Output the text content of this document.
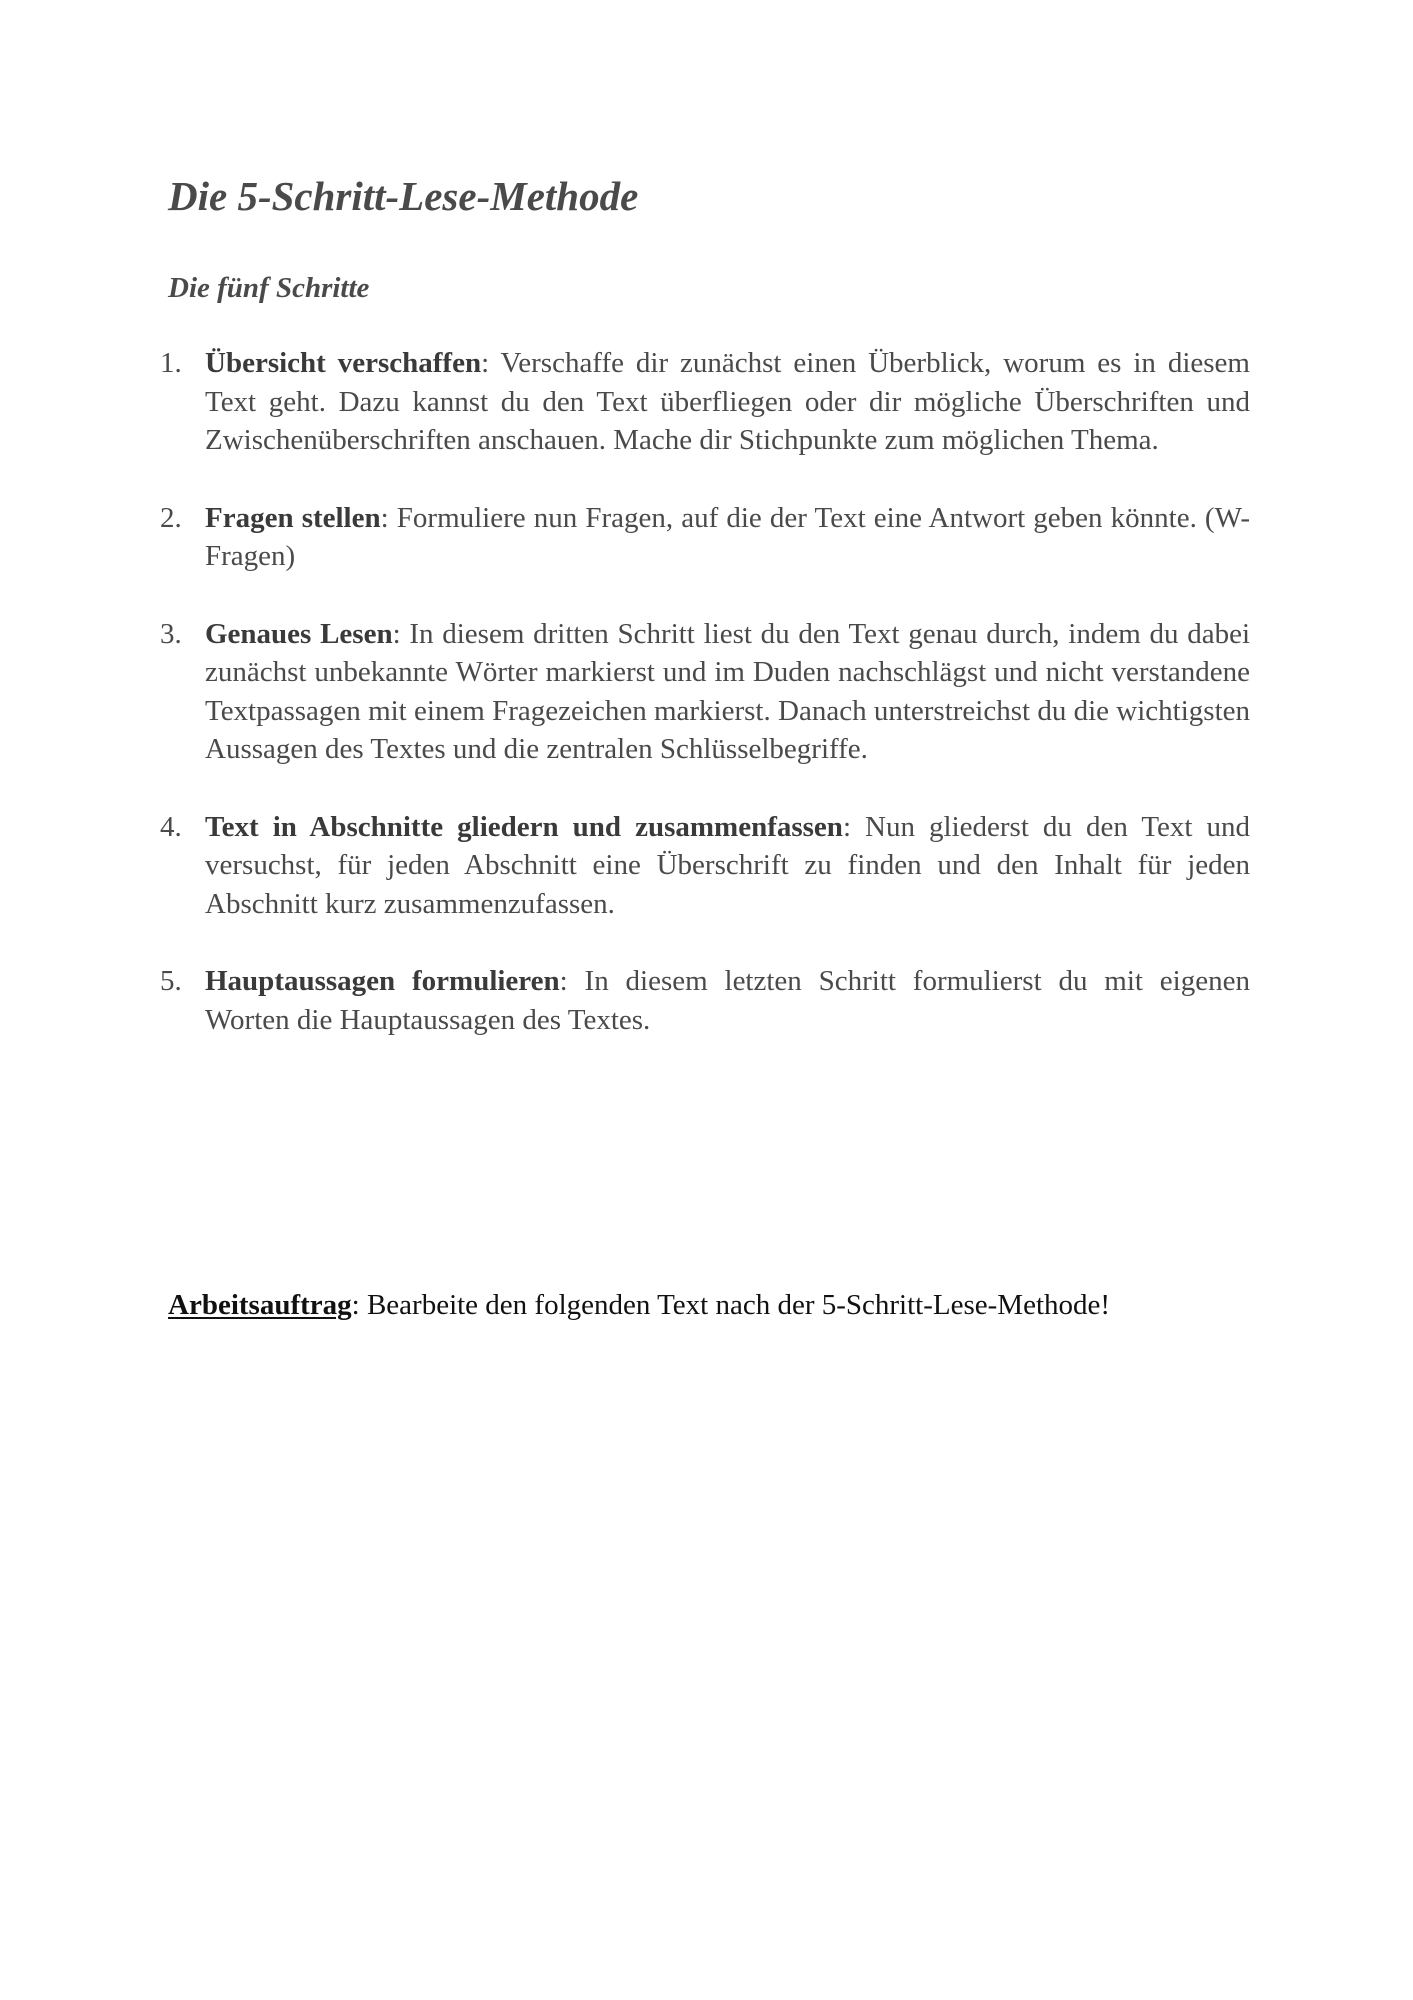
Die 5-Schritt-Lese-Methode
Die fünf Schritte
1. Übersicht verschaffen: Verschaffe dir zunächst einen Überblick, worum es in diesem Text geht. Dazu kannst du den Text überfliegen oder dir mögliche Überschriften und Zwischenüberschriften anschauen. Mache dir Stichpunkte zum möglichen Thema.
2. Fragen stellen: Formuliere nun Fragen, auf die der Text eine Antwort geben könnte. (W-Fragen)
3. Genaues Lesen: In diesem dritten Schritt liest du den Text genau durch, indem du dabei zunächst unbekannte Wörter markierst und im Duden nachschlägst und nicht verstandene Textpassagen mit einem Fragezeichen markierst. Danach unterstreichst du die wichtigsten Aussagen des Textes und die zentralen Schlüsselbegriffe.
4. Text in Abschnitte gliedern und zusammenfassen: Nun gliederst du den Text und versuchst, für jeden Abschnitt eine Überschrift zu finden und den Inhalt für jeden Abschnitt kurz zusammenzufassen.
5. Hauptaussagen formulieren: In diesem letzten Schritt formulierst du mit eigenen Worten die Hauptaussagen des Textes.

Arbeitsauftrag: Bearbeite den folgenden Text nach der 5-Schritt-Lese-Methode!
